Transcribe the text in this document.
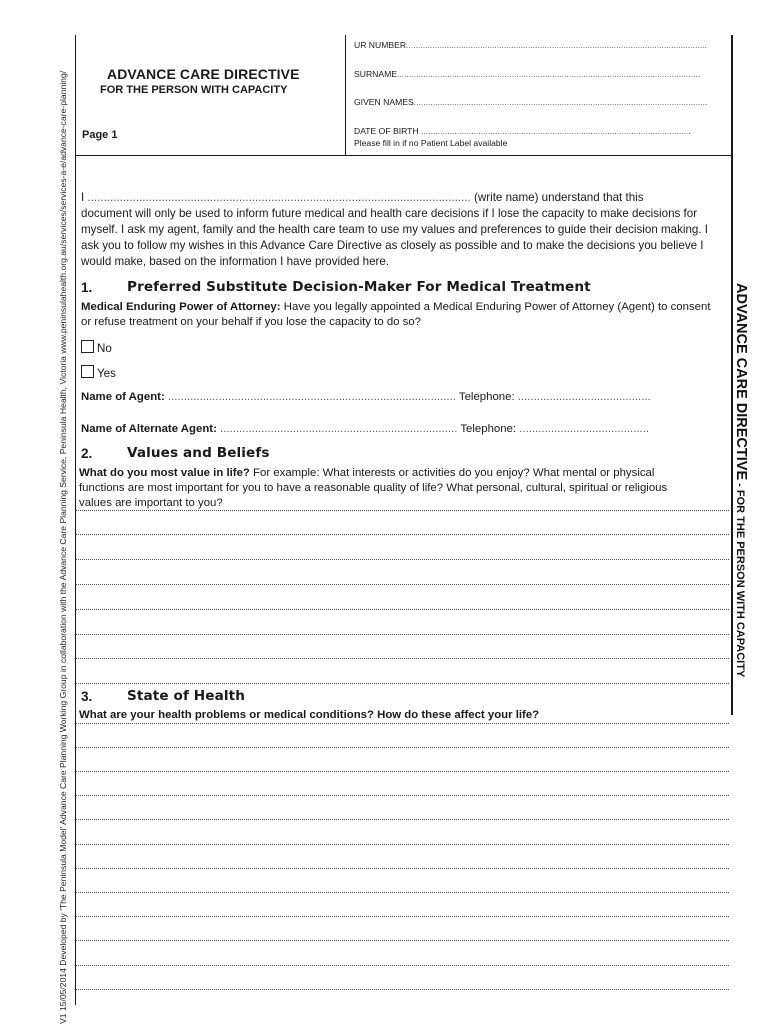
V1 15/05/2014 Developed by 'The Peninsula Model' Advance Care Planning Working Group in collaboration with the Advance Care Planning Service, Peninsula Health, Victoria www.peninsulahealth.org.au/services/services-a-e/advance-care-planning/	ADVANCE CARE DIRECTIVE - FOR THE PERSON WITH CAPACITY
ADVANCE CARE DIRECTIVE
FOR THE PERSON WITH CAPACITY
Page 1
UR NUMBER..............................................................................................................................
SURNAME...............................................................................................................................
GIVEN NAMES...........................................................................................................................
DATE OF BIRTH .................................................................................................................
Please fill in if no Patient Label available
I ....................................................................................................................... (write name) understand that this
document will only be used to inform future medical and health care decisions if I lose the capacity to make decisions for myself. I ask my agent, family and the health care team to use my values and preferences to guide their decision making. I ask you to follow my wishes in this Advance Care Directive as closely as possible and to make the decisions you believe I would make, based on the information I have provided here.
1.	Preferred Substitute Decision-Maker For Medical Treatment
Medical Enduring Power of Attorney: Have you legally appointed a Medical Enduring Power of Attorney (Agent) to consent or refuse treatment on your behalf if you lose the capacity to do so?
No
Yes
Name of Agent: ........................................................................................... Telephone: ..........................................
Name of Alternate Agent: ........................................................................... Telephone: .........................................
2.	Values and Beliefs
What do you most value in life? For example: What interests or activities do you enjoy? What mental or physical functions are most important for you to have a reasonable quality of life? What personal, cultural, spiritual or religious values are important to you?
3.	State of Health
What are your health problems or medical conditions? How do these affect your life?
